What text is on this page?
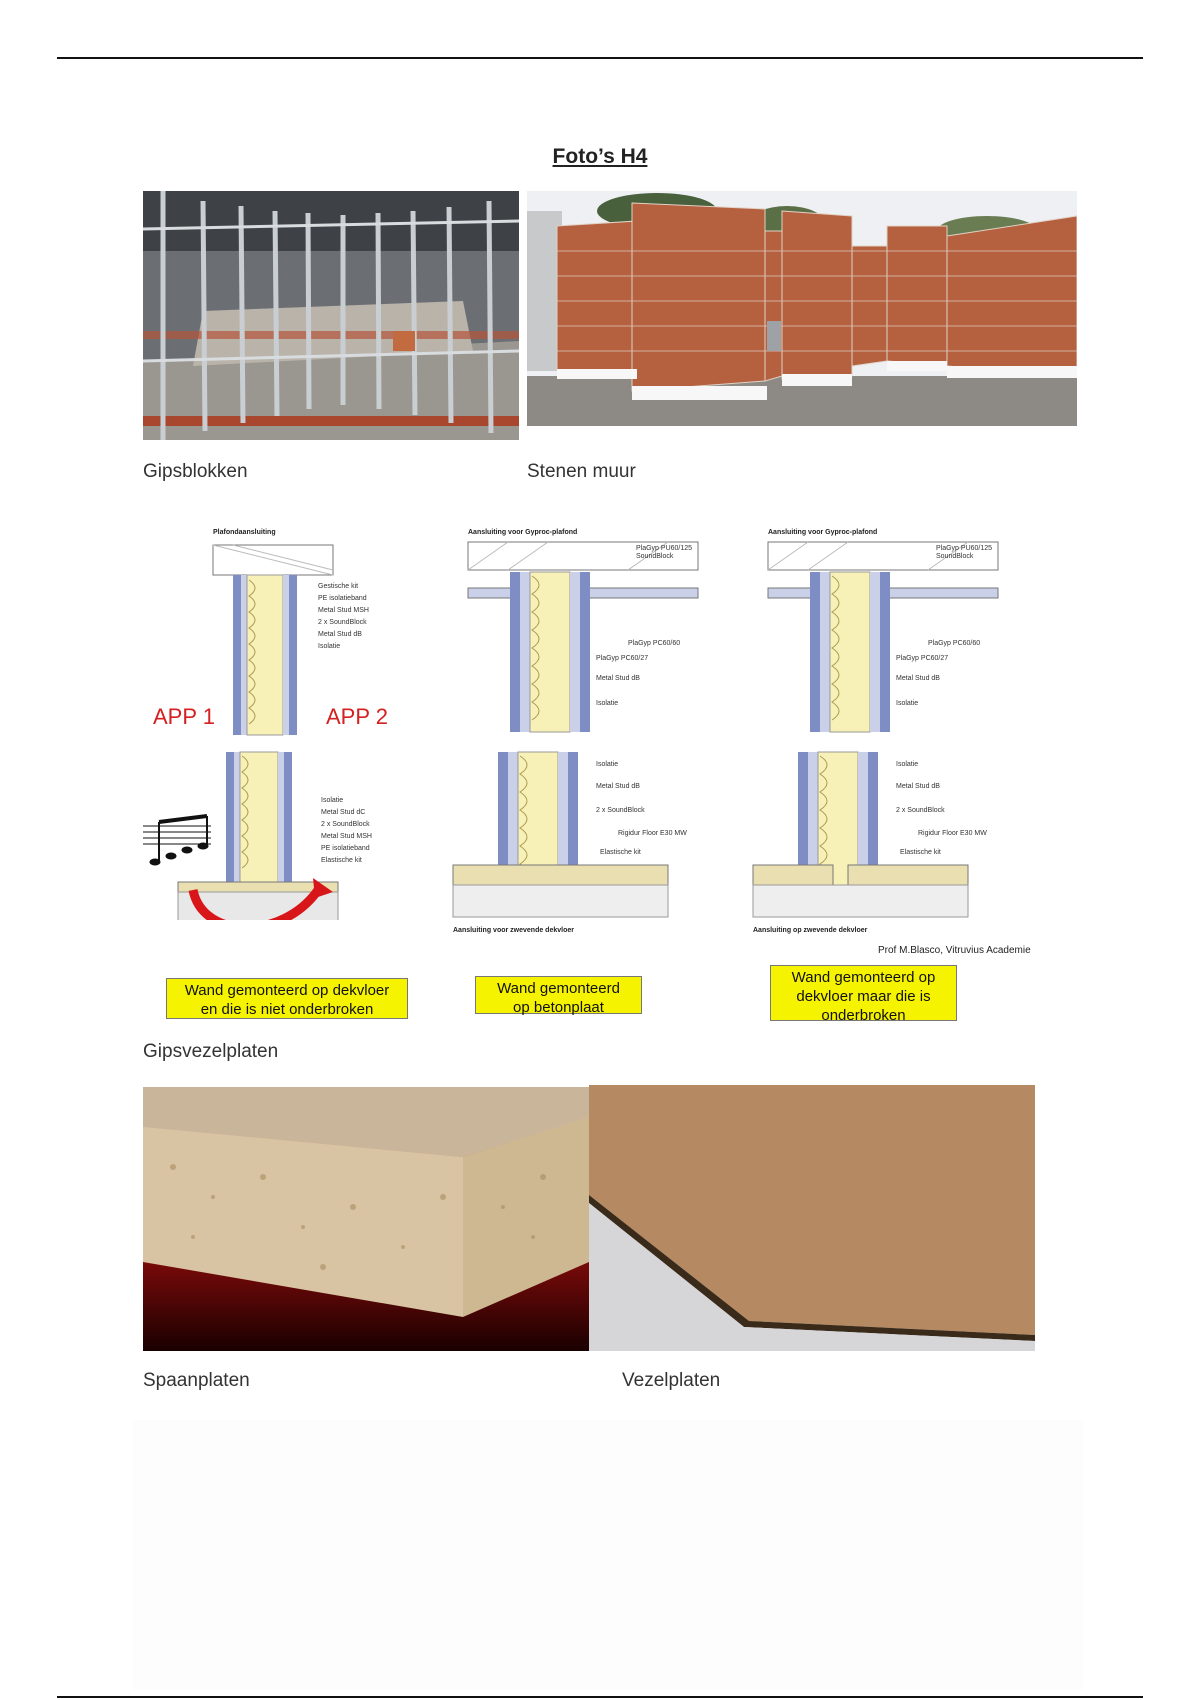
Foto’s H4
Gipsblokken	Stenen muur
Plafondaansluiting
Gestische kit
PE isolatieband
Metal Stud MSH
2 x SoundBlock
Metal Stud dB
Isolatie
APP 1	APP 2
Isolatie
Metal Stud dC
2 x SoundBlock
Metal Stud MSH
PE isolatieband
Elastische kit
Wand gemonteerd op dekvloer
en die is niet onderbroken
Aansluiting voor Gyproc-plafond
PlaGyp PU60/125
SoundBlock
PlaGyp PC60/60
PlaGyp PC60/27
Metal Stud dB
Isolatie
Isolatie
Metal Stud dB
2 x SoundBlock
Rigidur Floor E30 MW
Elastische kit
Aansluiting voor zwevende dekvloer
Wand gemonteerd
op betonplaat
Aansluiting voor Gyproc-plafond
PlaGyp PU60/125
SoundBlock
PlaGyp PC60/60
PlaGyp PC60/27
Metal Stud dB
Isolatie
Isolatie
Metal Stud dB
2 x SoundBlock
Rigidur Floor E30 MW
Elastische kit
Aansluiting op zwevende dekvloer
Prof M.Blasco, Vitruvius Academie
Wand gemonteerd op
dekvloer maar die is
onderbroken
Gipsvezelplaten
Spaanplaten	Vezelplaten
